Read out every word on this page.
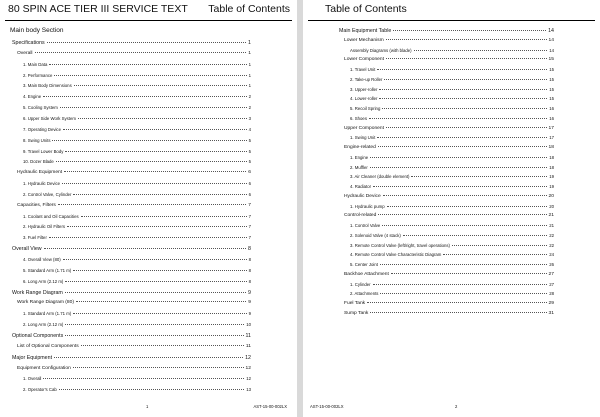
80 SPIN ACE TIER III SERVICE TEXT Table of Contents
Main body Section
Specifications	1
Overall	1
1. Main Data	1
2. Performance	1
3. Main Body Dimensions	1
4. Engine	2
5. Cooling System	2
6. Upper Side Work System	3
7. Operating Device	4
8. Swing Units	5
9. Travel Lower Body	5
10. Dozer Blade	5
Hydraulic Equipment	6
1. Hydraulic Device	6
2. Control Valve, Cylinder	6
Capacities, Filters	7
1. Coolant and Oil Capacities	7
2. Hydraulic Oil Filters	7
3. Fuel Filter	7
Overall View	8
4. Overall View (80)	8
5. Standard Arm (1.71 m)	8
6. Long Arm (2.12 m)	8
Work Range Diagram	9
Work Range Diagram (80)	9
1. Standard Arm (1.71 m)	9
2. Long Arm (2.12 m)	10
Optional Components	11
List of Optional Components	11
Major Equipment	12
Equipment Configuration	12
1. Overall	12
2. Operator's Cab	13
1	AST-15-00-002LX
Table of Contents
Main Equipment Table	14
Lower Mechanism	14
Assembly Diagrams (with blade)	14
Lower Component	15
1. Travel Unit	15
2. Take-up Roller	15
3. Upper-roller	15
4. Lower-roller	15
5. Recoil Spring	16
6. Shoes	16
Upper Component	17
1. Swing Unit	17
Engine-related	18
1. Engine	18
2. Muffler	18
3. Air Cleaner (double element)	19
4. Radiator	19
Hydraulic Device	20
1. Hydraulic pump	20
Control-related	21
1. Control Valve	21
2. Solenoid Valve (4 stack)	22
3. Remote Control Valve (left/right, travel operations)	22
4. Remote Control Valve Characteristic Diagram	24
5. Center Joint	26
Backhoe Attachment	27
1. Cylinder	27
2. Attachments	28
Fuel Tank	29
Sump Tank	31
AST-15-00-002LX	2
